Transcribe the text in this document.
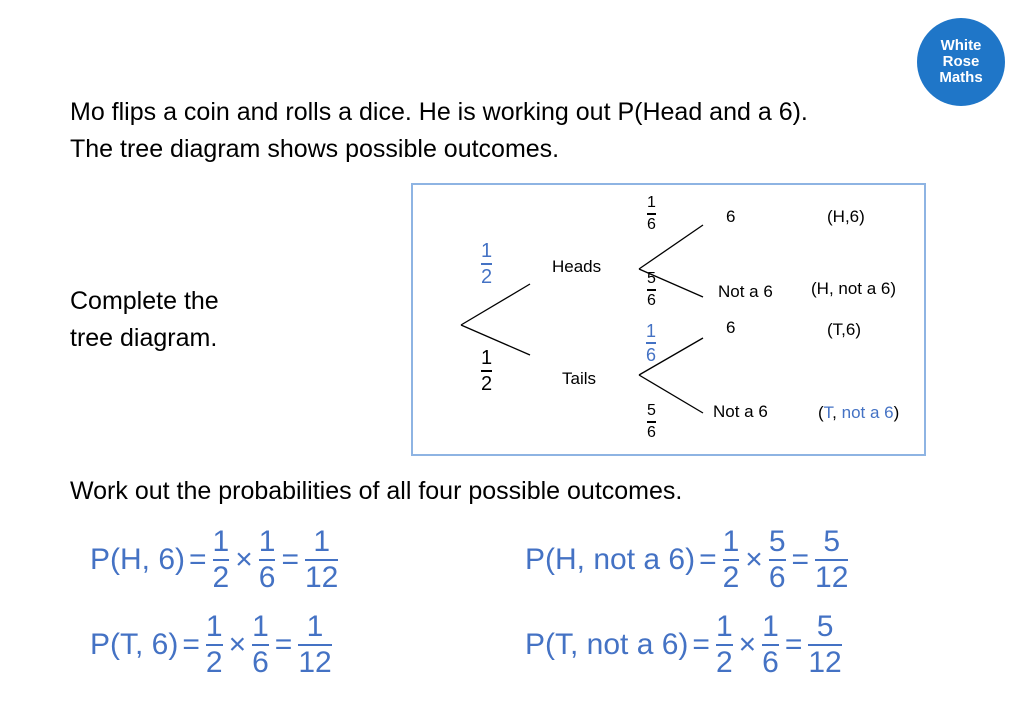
White
Rose
Maths
Mo flips a coin and rolls a dice. He is working out P(Head and a 6).
The tree diagram shows possible outcomes.
Complete the
tree diagram.
1
2
1
2
Heads
Tails
1
6
5
6
1
6
5
6
6
Not a 6
6
Not a 6
(H,6)
(H, not a 6)
(T,6)
(T, not a 6)
Work out the probabilities of all four possible outcomes.
P(H, 6) =
1
2
×
1
6
=
1
12
P(H, not a 6) =
1
2
×
5
6
=
5
12
P(T, 6) =
1
2
×
1
6
=
1
12
P(T, not a 6) =
1
2
×
1
6
=
5
12
